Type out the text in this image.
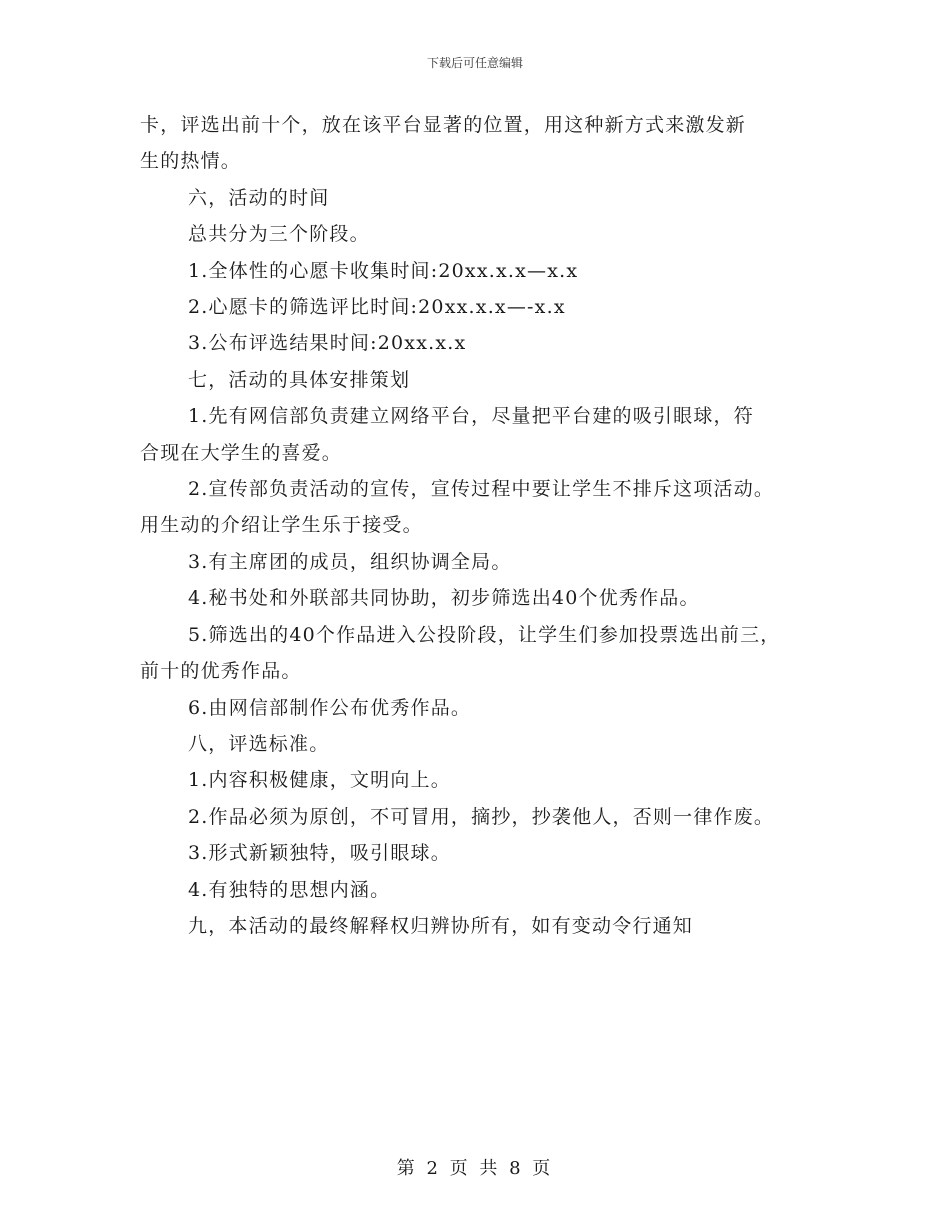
下载后可任意编辑

卡，评选出前十个，放在该平台显著的位置，用这种新方式来激发新

生的热情。

六，活动的时间

总共分为三个阶段。

1.全体性的心愿卡收集时间:20xx.x.x—x.x

2.心愿卡的筛选评比时间:20xx.x.x—-x.x

3.公布评选结果时间:20xx.x.x

七，活动的具体安排策划

1.先有网信部负责建立网络平台，尽量把平台建的吸引眼球，符

合现在大学生的喜爱。

2.宣传部负责活动的宣传，宣传过程中要让学生不排斥这项活动。

用生动的介绍让学生乐于接受。

3.有主席团的成员，组织协调全局。

4.秘书处和外联部共同协助，初步筛选出40个优秀作品。

5.筛选出的40个作品进入公投阶段，让学生们参加投票选出前三，

前十的优秀作品。

6.由网信部制作公布优秀作品。

八，评选标准。

1.内容积极健康，文明向上。

2.作品必须为原创，不可冒用，摘抄，抄袭他人，否则一律作废。

3.形式新颖独特，吸引眼球。

4.有独特的思想内涵。

九，本活动的最终解释权归辨协所有，如有变动令行通知

第 2 页 共 8 页
